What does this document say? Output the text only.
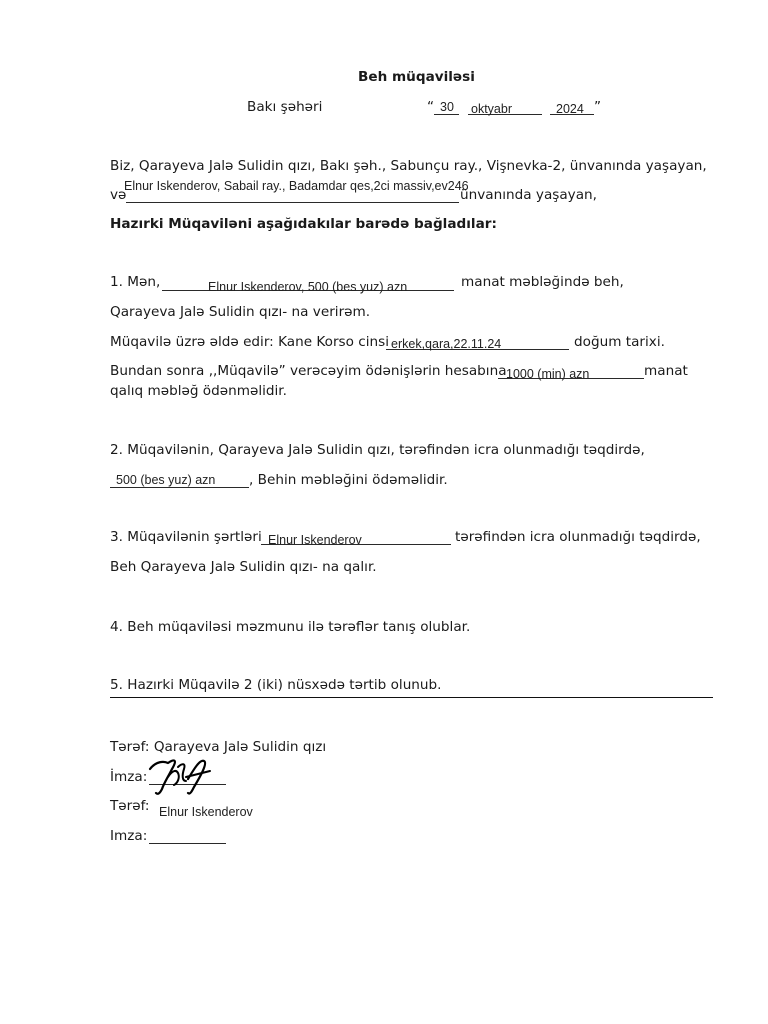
Beh müqaviləsi
Bakı şəhəri	“ 30 oktyabr	2024 ”
Biz, Qarayeva Jalə Sulidin qızı, Bakı şəh., Sabunçu ray., Vişnevka-2, ünvanında yaşayan,
və
Elnur Iskenderov, Sabail ray., Badamdar qes,2ci massiv,ev246
ünvanında yaşayan,
Hazırki Müqaviləni aşağıdakılar barədə bağladılar:
1. Mən,	Elnur Iskenderov, 500 (bes yuz) azn	manat məbləğində beh,
Qarayeva Jalə Sulidin qızı- na verirəm.
Müqavilə üzrə əldə edir: Kane Korso cinsi erkek,qara,22.11.24	doğum tarixi.
Bundan sonra ,,Müqavilə” verəcəyim ödənişlərin hesabına 1000 (min) azn	manat
qalıq məbləğ ödənməlidir.
2. Müqavilənin, Qarayeva Jalə Sulidin qızı, tərəfindən icra olunmadığı təqdirdə,
500 (bes yuz) azn , Behin məbləğini ödəməlidir.
3. Müqavilənin şərtləri Elnur Iskenderov	tərəfindən icra olunmadığı təqdirdə,
Beh Qarayeva Jalə Sulidin qızı- na qalır.
4. Beh müqaviləsi məzmunu ilə tərəflər tanış olublar.
5. Hazırki Müqavilə 2 (iki) nüsxədə tərtib olunub.
Tərəf: Qarayeva Jalə Sulidin qızı
İmza:
Tərəf: Elnur Iskenderov
Imza:
